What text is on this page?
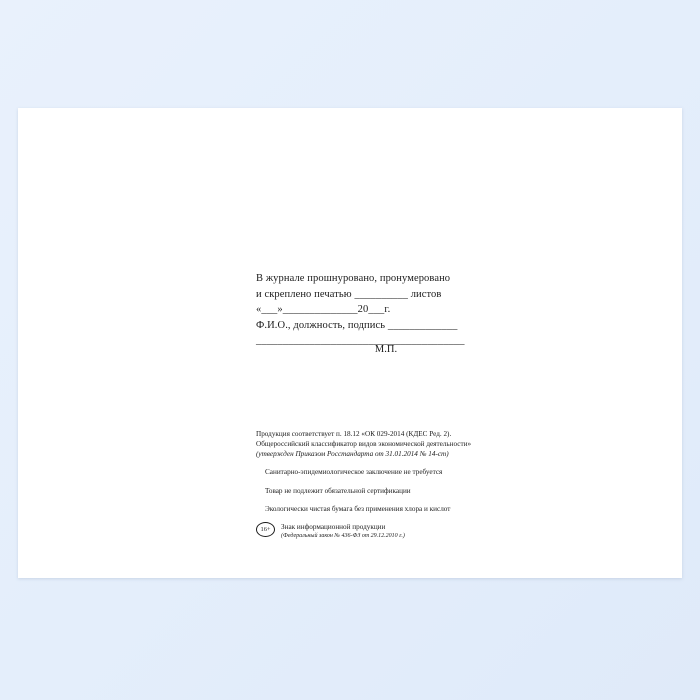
В журнале прошнуровано, пронумеровано
и скреплено печатью __________ листов
«___»______________20___г.
Ф.И.О., должность, подпись _____________
_______________________________________
М.П.
Продукция соответствует п. 18.12 «ОК 029-2014 (КДЕС Ред. 2).
Общероссийский классификатор видов экономической деятельности»
(утвержден Приказом Росстандарта от 31.01.2014 № 14-ст)
Санитарно-эпидемиологическое заключение не требуется
Товар не подлежит обязательной сертификации
Экологически чистая бумага без применения хлора и кислот
16+	Знак информационной продукции
(Федеральный закон № 436-ФЗ от 29.12.2010 г.)
